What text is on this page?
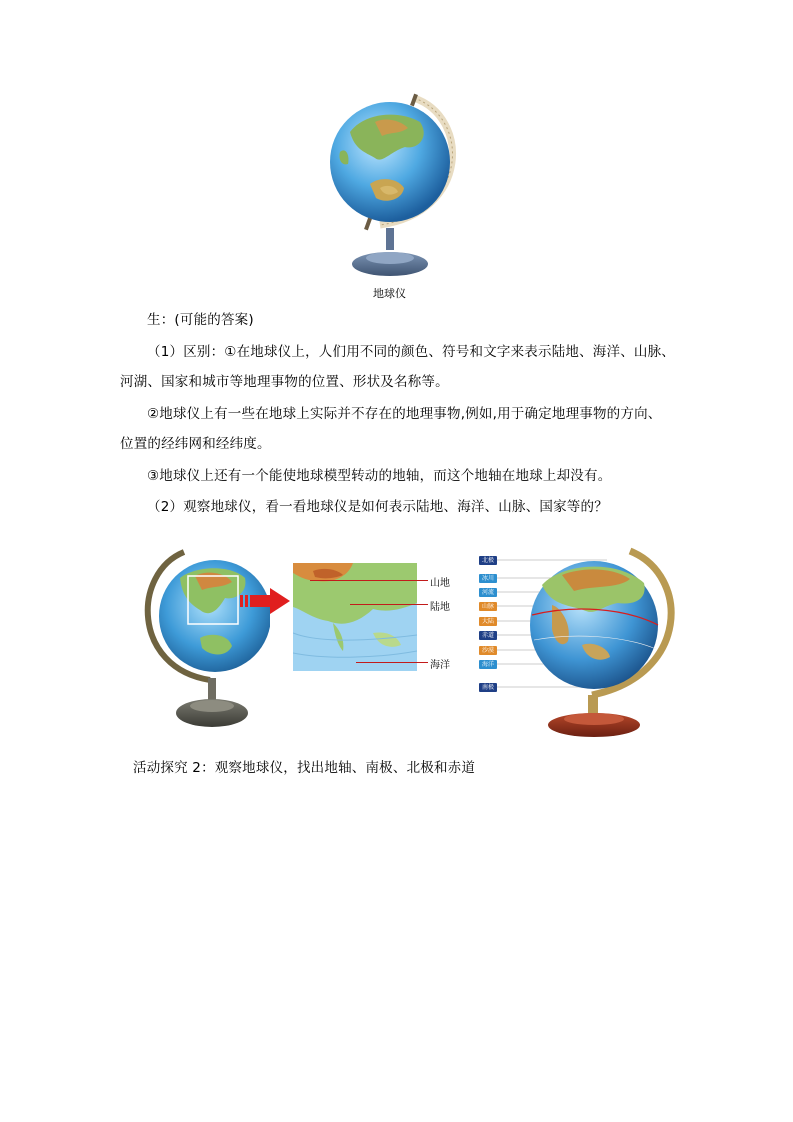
地球仪
生：(可能的答案)
（1）区别：①在地球仪上，人们用不同的颜色、符号和文字来表示陆地、海洋、山脉、
河湖、国家和城市等地理事物的位置、形状及名称等。
②地球仪上有一些在地球上实际并不存在的地理事物,例如,用于确定地理事物的方向、
位置的经纬网和经纬度。
③地球仪上还有一个能使地球模型转动的地轴，而这个地轴在地球上却没有。
（2）观察地球仪，看一看地球仪是如何表示陆地、海洋、山脉、国家等的？
山地
陆地
海洋
北极
冰川
河流
山脉
大陆
赤道
沙漠
海洋
南极
活动探究 2：观察地球仪，找出地轴、南极、北极和赤道
